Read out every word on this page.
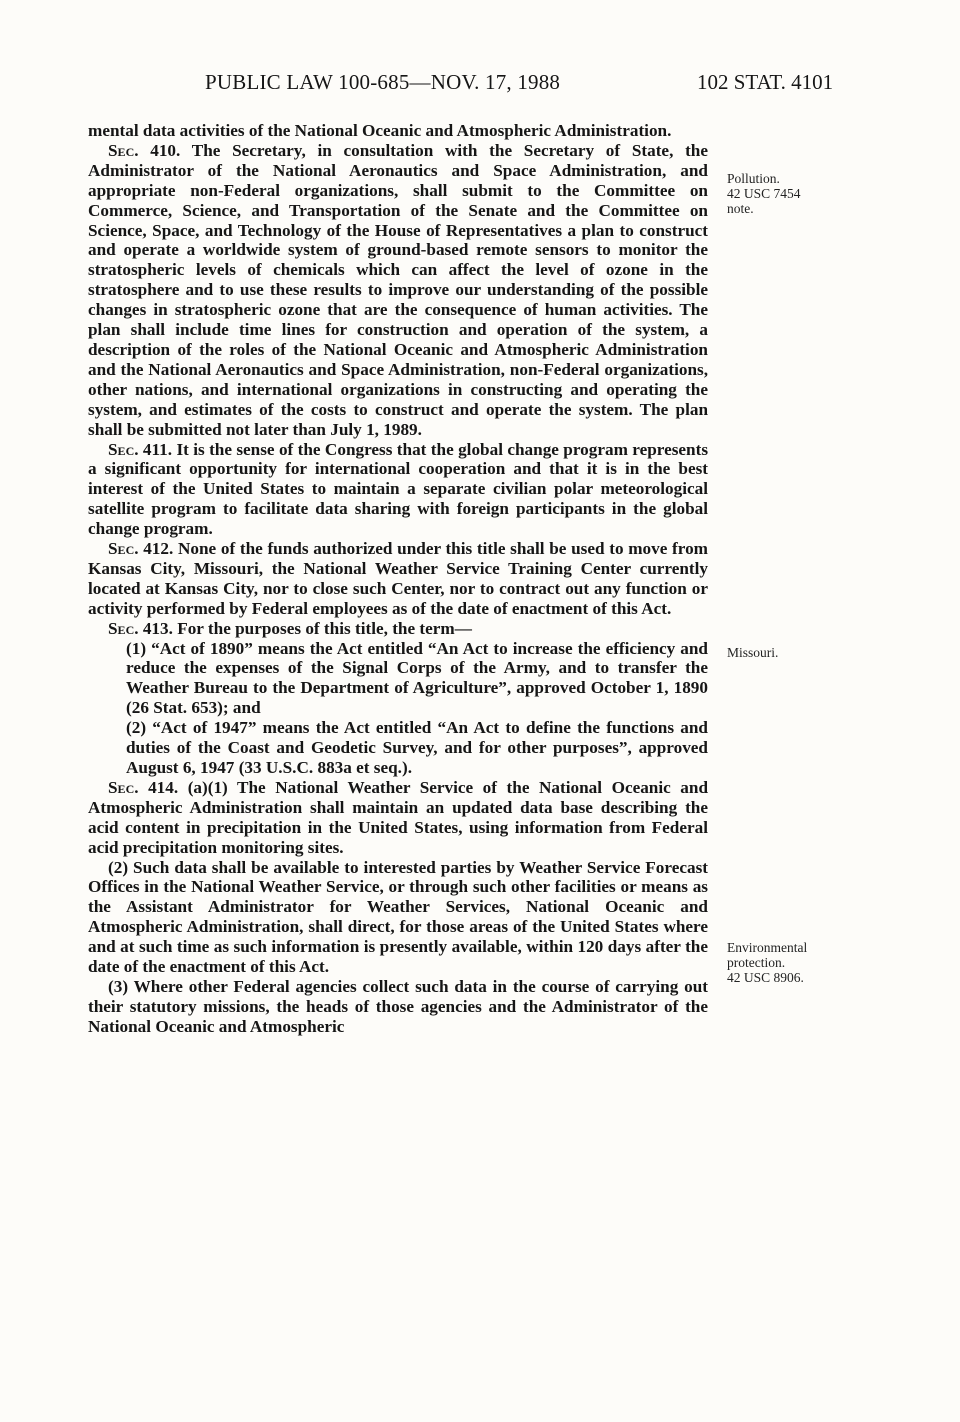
PUBLIC LAW 100-685—NOV. 17, 1988	102 STAT. 4101

mental data activities of the National Oceanic and Atmospheric Administration.

Sec. 410. The Secretary, in consultation with the Secretary of State, the Administrator of the National Aeronautics and Space Administration, and appropriate non-Federal organizations, shall submit to the Committee on Commerce, Science, and Transportation of the Senate and the Committee on Science, Space, and Technology of the House of Representatives a plan to construct and operate a worldwide system of ground-based remote sensors to monitor the stratospheric levels of chemicals which can affect the level of ozone in the stratosphere and to use these results to improve our understanding of the possible changes in stratospheric ozone that are the consequence of human activities. The plan shall include time lines for construction and operation of the system, a description of the roles of the National Oceanic and Atmospheric Administration and the National Aeronautics and Space Administration, non-Federal organizations, other nations, and international organizations in constructing and operating the system, and estimates of the costs to construct and operate the system. The plan shall be submitted not later than July 1, 1989.

Sec. 411. It is the sense of the Congress that the global change program represents a significant opportunity for international cooperation and that it is in the best interest of the United States to maintain a separate civilian polar meteorological satellite program to facilitate data sharing with foreign participants in the global change program.

Sec. 412. None of the funds authorized under this title shall be used to move from Kansas City, Missouri, the National Weather Service Training Center currently located at Kansas City, nor to close such Center, nor to contract out any function or activity performed by Federal employees as of the date of enactment of this Act.

Sec. 413. For the purposes of this title, the term—

(1) “Act of 1890” means the Act entitled “An Act to increase the efficiency and reduce the expenses of the Signal Corps of the Army, and to transfer the Weather Bureau to the Department of Agriculture”, approved October 1, 1890 (26 Stat. 653); and

(2) “Act of 1947” means the Act entitled “An Act to define the functions and duties of the Coast and Geodetic Survey, and for other purposes”, approved August 6, 1947 (33 U.S.C. 883a et seq.).

Sec. 414. (a)(1) The National Weather Service of the National Oceanic and Atmospheric Administration shall maintain an updated data base describing the acid content in precipitation in the United States, using information from Federal acid precipitation monitoring sites.

(2) Such data shall be available to interested parties by Weather Service Forecast Offices in the National Weather Service, or through such other facilities or means as the Assistant Administrator for Weather Services, National Oceanic and Atmospheric Administration, shall direct, for those areas of the United States where and at such time as such information is presently available, within 120 days after the date of the enactment of this Act.

(3) Where other Federal agencies collect such data in the course of carrying out their statutory missions, the heads of those agencies and the Administrator of the National Oceanic and Atmospheric

Pollution.
42 USC 7454
note.
Missouri.
Environmental
protection.
42 USC 8906.
